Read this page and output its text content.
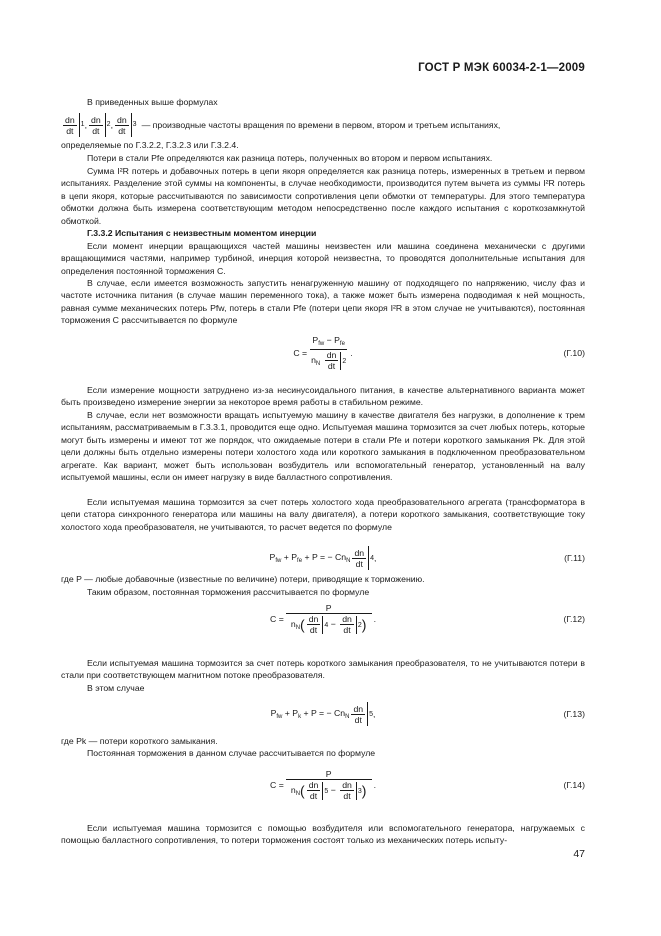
ГОСТ Р МЭК 60034-2-1—2009

В приведенных выше формулах

$\frac{dn}{dt} 1$ , $\frac{dn}{dt} 2$ , $\frac{dn}{dt} 3$ — производные частоты вращения по времени в первом, втором и третьем испытаниях,

определяемые по Г.3.2.2, Г.3.2.3 или Г.3.2.4.

Потери в стали Pfe определяются как разница потерь, полученных во втором и первом испытаниях.

Сумма I²R потерь и добавочных потерь в цепи якоря определяется как разница потерь, измеренных в третьем и первом испытаниях. Разделение этой суммы на компоненты, в случае необходимости, производится путем вычета из суммы I²R потерь в цепи якоря, которые рассчитываются по зависимости сопротивления цепи обмотки от температуры. Для этого температура обмотки должна быть измерена соответствующим методом непосредственно после каждого испытания с короткозамкнутой обмоткой.

Г.3.3.2 Испытания с неизвестным моментом инерции

Если момент инерции вращающихся частей машины неизвестен или машина соединена механически с другими вращающимися частями, например турбиной, инерция которой неизвестна, то проводятся дополнительные испытания для определения постоянной торможения C.

В случае, если имеется возможность запустить ненагруженную машину от подходящего по напряжению, числу фаз и частоте источника питания (в случае машин переменного тока), а также может быть измерена подводимая к ней мощность, равная сумме механических потерь Pfw, потерь в стали Pfe (потери цепи якоря I²R в этом случае не учитываются), постоянная торможения C рассчитывается по формуле

$C = \frac{P_{fw} - P_{fe}}{n_N \frac{dn}{dt} 2}$ .	(Г.10)

Если измерение мощности затруднено из-за несинусоидального питания, в качестве альтернативного варианта может быть произведено измерение энергии за некоторое время работы в стабильном режиме.

В случае, если нет возможности вращать испытуемую машину в качестве двигателя без нагрузки, в дополнение к трем испытаниям, рассматриваемым в Г.3.3.1, проводится еще одно. Испытуемая машина тормозится за счет любых потерь, которые могут быть измерены и имеют тот же порядок, что ожидаемые потери в стали Pfe и потери короткого замыкания Pk. Для этой цели должны быть отдельно измерены потери холостого хода или короткого замыкания в подключенном преобразовательном агрегате. Как вариант, может быть использован возбудитель или вспомогательный генератор, установленный на валу испытуемой машины, если он имеет нагрузку в виде балластного сопротивления.

Если испытуемая машина тормозится за счет потерь холостого хода преобразовательного агрегата (трансформатора в цепи статора синхронного генератора или машины на валу двигателя), а потери короткого замыкания, соответствующие току холостого хода преобразователя, не учитываются, то расчет ведется по формуле

$P_{fw} + P_{fe} + P$ = − $Cn_N \frac{dn}{dt} 4$ ,	(Г.11)

где P — любые добавочные (известные по величине) потери, приводящие к торможению.

Таким образом, постоянная торможения рассчитывается по формуле

$C = \frac{P}{n_N( \frac{dn}{dt} 4 - \frac{dn}{dt} 2)}$ .	(Г.12)

Если испытуемая машина тормозится за счет потерь короткого замыкания преобразователя, то не учитываются потери в стали при соответствующем магнитном потоке преобразователя.

В этом случае

$P_{fw} + P_k + P$ = − $Cn_N \frac{dn}{dt} 5$ ,	(Г.13)

где Pk — потери короткого замыкания.

Постоянная торможения в данном случае рассчитывается по формуле

$C = \frac{P}{n_N( \frac{dn}{dt} 5 - \frac{dn}{dt} 3)}$ .	(Г.14)

Если испытуемая машина тормозится с помощью возбудителя или вспомогательного генератора, нагружаемых с помощью балластного сопротивления, то потери торможения состоят только из механических потерь испыту-

47
